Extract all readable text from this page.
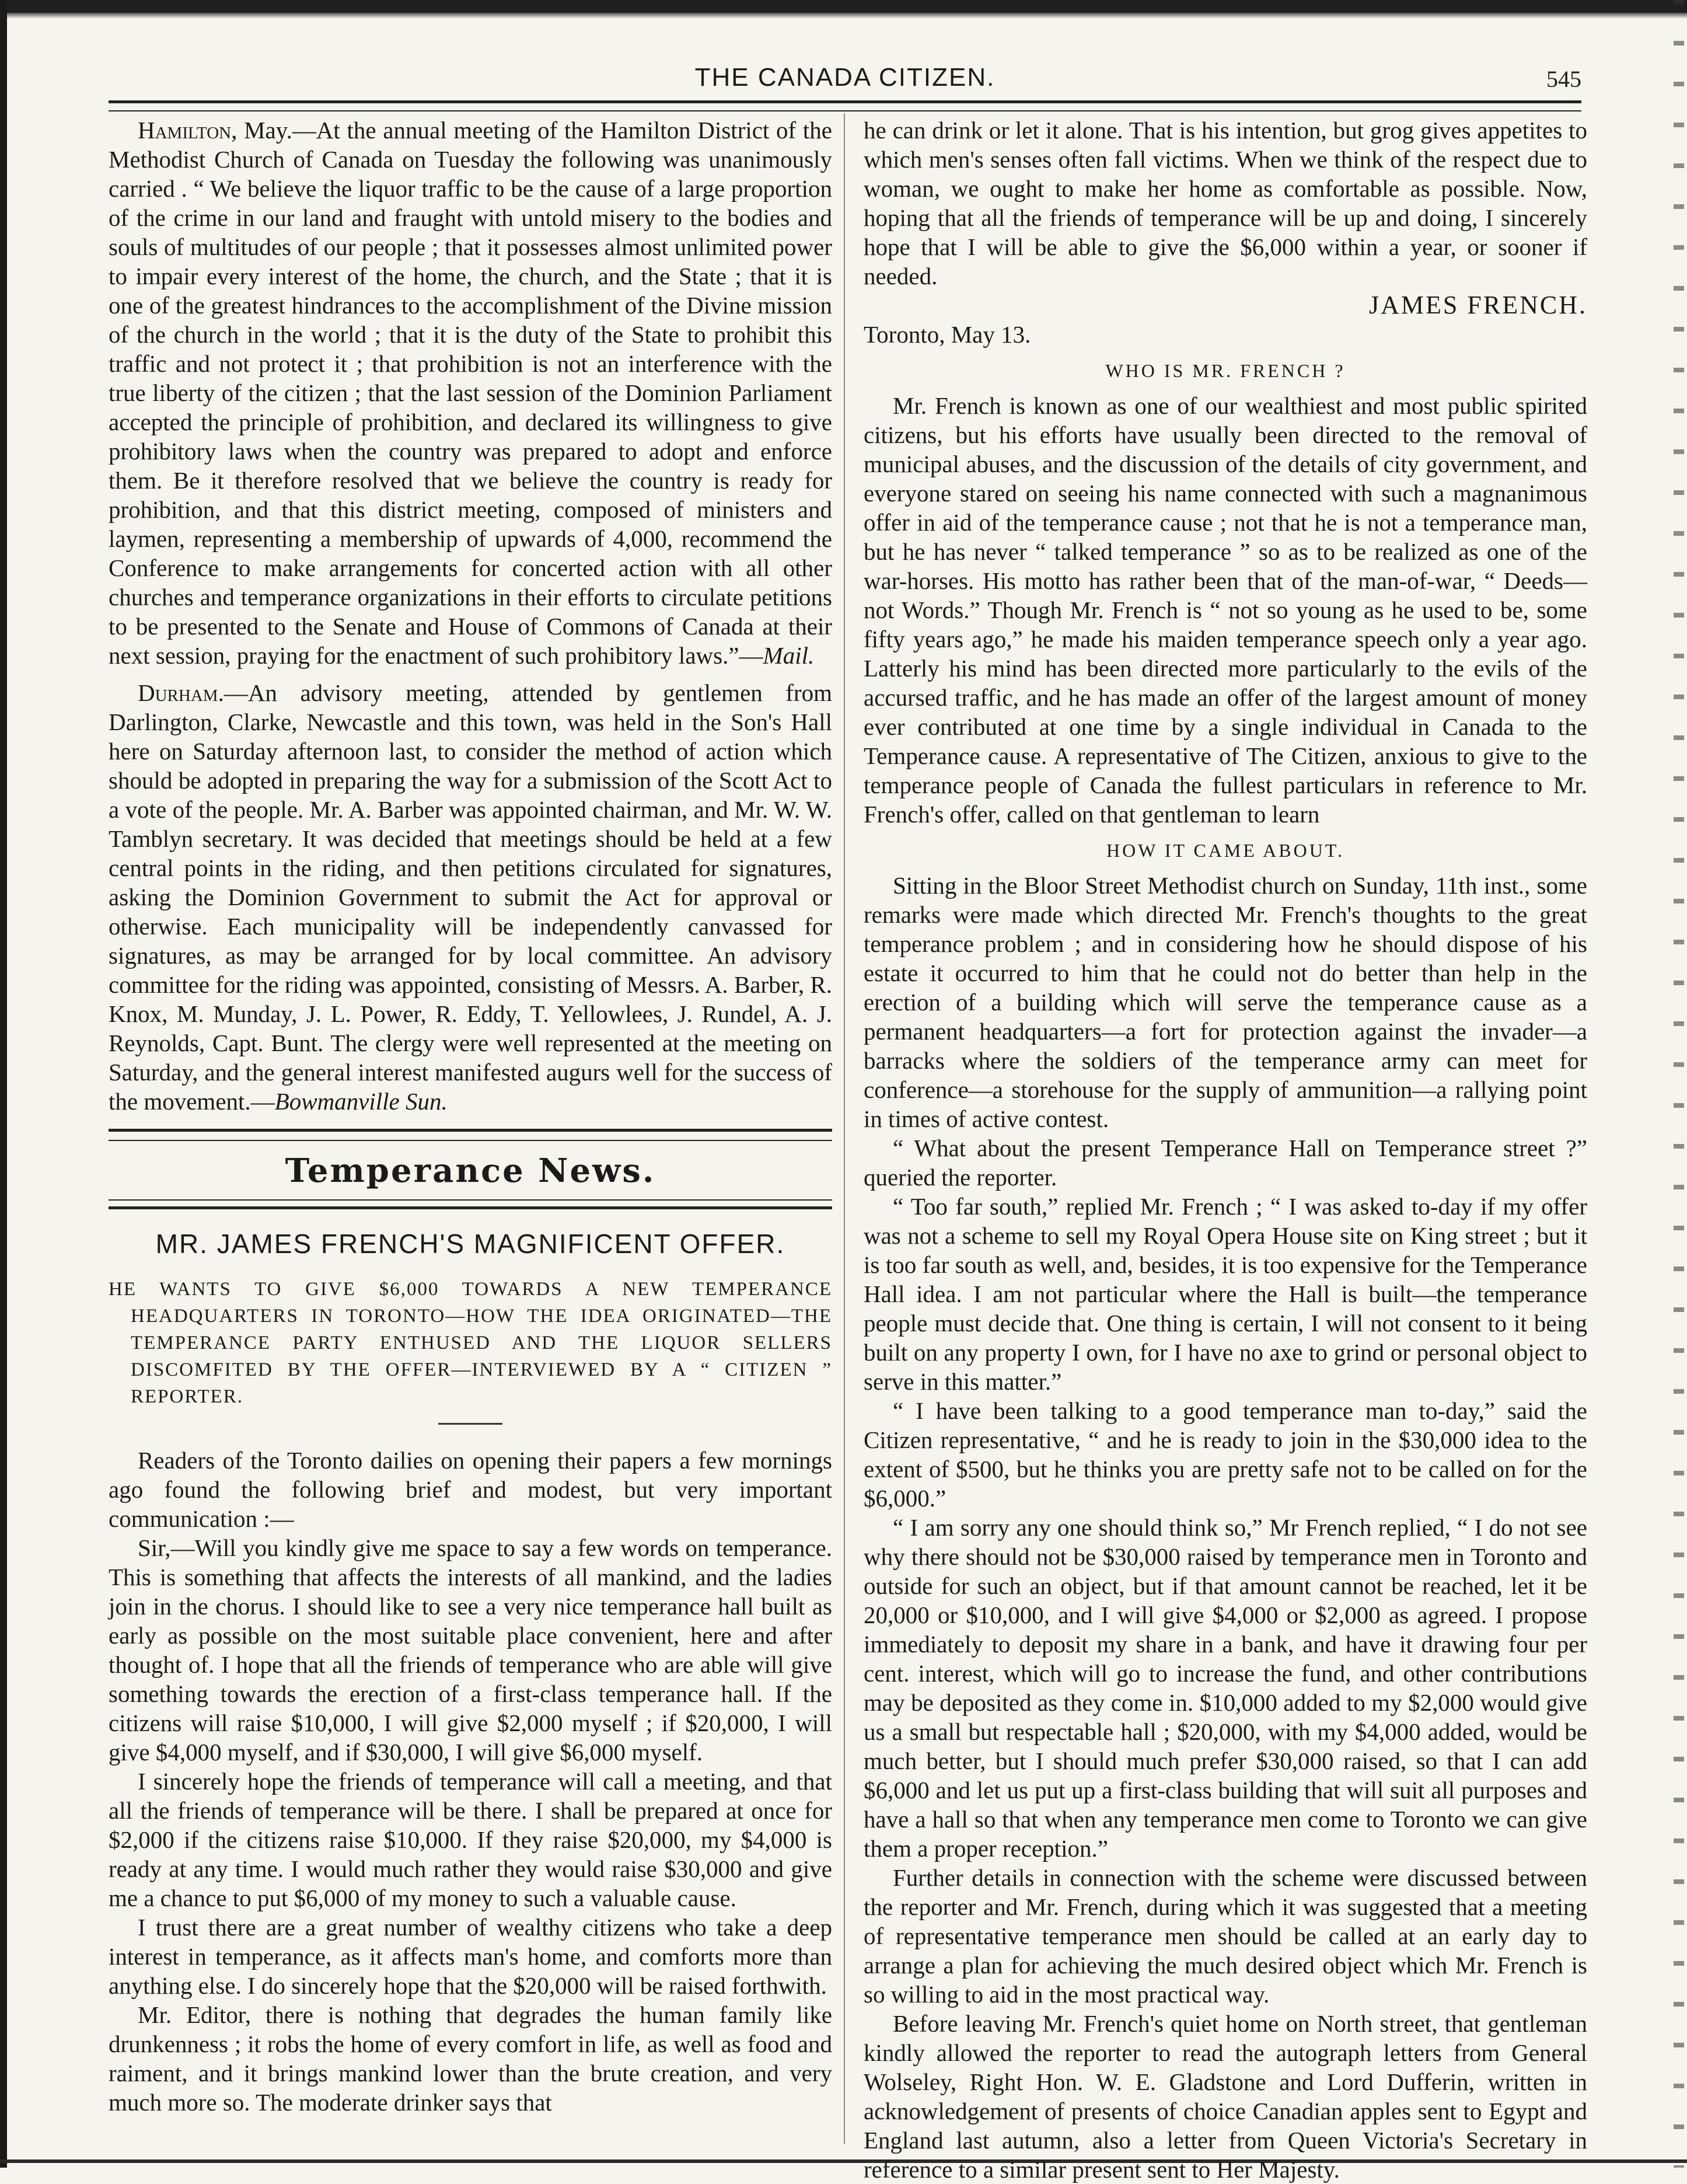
THE CANADA CITIZEN.	545

Hamilton, May.—At the annual meeting of the Hamilton District of the Methodist Church of Canada on Tuesday the following was unanimously carried . “ We believe the liquor traffic to be the cause of a large proportion of the crime in our land and fraught with untold misery to the bodies and souls of multitudes of our people ; that it possesses almost unlimited power to impair every interest of the home, the church, and the State ; that it is one of the greatest hindrances to the accomplishment of the Divine mission of the church in the world ; that it is the duty of the State to prohibit this traffic and not protect it ; that prohibition is not an interference with the true liberty of the citizen ; that the last session of the Dominion Parliament accepted the principle of prohibition, and declared its willingness to give prohibitory laws when the country was prepared to adopt and enforce them. Be it therefore resolved that we believe the country is ready for prohibition, and that this district meeting, composed of ministers and laymen, representing a membership of upwards of 4,000, recommend the Conference to make arrangements for concerted action with all other churches and temperance organizations in their efforts to circulate petitions to be presented to the Senate and House of Commons of Canada at their next session, praying for the enactment of such prohibitory laws.”—Mail.

Durham.—An advisory meeting, attended by gentlemen from Darlington, Clarke, Newcastle and this town, was held in the Son's Hall here on Saturday afternoon last, to consider the method of action which should be adopted in preparing the way for a submission of the Scott Act to a vote of the people. Mr. A. Barber was appointed chairman, and Mr. W. W. Tamblyn secretary. It was decided that meetings should be held at a few central points in the riding, and then petitions circulated for signatures, asking the Dominion Government to submit the Act for approval or otherwise. Each municipality will be independently canvassed for signatures, as may be arranged for by local committee. An advisory committee for the riding was appointed, consisting of Messrs. A. Barber, R. Knox, M. Munday, J. L. Power, R. Eddy, T. Yellowlees, J. Rundel, A. J. Reynolds, Capt. Bunt. The clergy were well represented at the meeting on Saturday, and the general interest manifested augurs well for the success of the movement.—Bowmanville Sun.

Temperance News.
MR. JAMES FRENCH'S MAGNIFICENT OFFER.
HE WANTS TO GIVE $6,000 TOWARDS A NEW TEMPERANCE HEADQUARTERS IN TORONTO—HOW THE IDEA ORIGINATED—THE TEMPERANCE PARTY ENTHUSED AND THE LIQUOR SELLERS DISCOMFITED BY THE OFFER—INTERVIEWED BY A “ CITIZEN ” REPORTER.

Readers of the Toronto dailies on opening their papers a few mornings ago found the following brief and modest, but very important communication :—

Sir,—Will you kindly give me space to say a few words on temperance. This is something that affects the interests of all mankind, and the ladies join in the chorus. I should like to see a very nice temperance hall built as early as possible on the most suitable place convenient, here and after thought of. I hope that all the friends of temperance who are able will give something towards the erection of a first-class temperance hall. If the citizens will raise $10,000, I will give $2,000 myself ; if $20,000, I will give $4,000 myself, and if $30,000, I will give $6,000 myself.

I sincerely hope the friends of temperance will call a meeting, and that all the friends of temperance will be there. I shall be prepared at once for $2,000 if the citizens raise $10,000. If they raise $20,000, my $4,000 is ready at any time. I would much rather they would raise $30,000 and give me a chance to put $6,000 of my money to such a valuable cause.

I trust there are a great number of wealthy citizens who take a deep interest in temperance, as it affects man's home, and comforts more than anything else. I do sincerely hope that the $20,000 will be raised forthwith.

Mr. Editor, there is nothing that degrades the human family like drunkenness ; it robs the home of every comfort in life, as well as food and raiment, and it brings mankind lower than the brute creation, and very much more so. The moderate drinker says that

he can drink or let it alone. That is his intention, but grog gives appetites to which men's senses often fall victims. When we think of the respect due to woman, we ought to make her home as comfortable as possible. Now, hoping that all the friends of temperance will be up and doing, I sincerely hope that I will be able to give the $6,000 within a year, or sooner if needed.

JAMES FRENCH.

Toronto, May 13.

WHO IS MR. FRENCH ?

Mr. French is known as one of our wealthiest and most public spirited citizens, but his efforts have usually been directed to the removal of municipal abuses, and the discussion of the details of city government, and everyone stared on seeing his name connected with such a magnanimous offer in aid of the temperance cause ; not that he is not a temperance man, but he has never “ talked temperance ” so as to be realized as one of the war-horses. His motto has rather been that of the man-of-war, “ Deeds—not Words.” Though Mr. French is “ not so young as he used to be, some fifty years ago,” he made his maiden temperance speech only a year ago. Latterly his mind has been directed more particularly to the evils of the accursed traffic, and he has made an offer of the largest amount of money ever contributed at one time by a single individual in Canada to the Temperance cause. A representative of The Citizen, anxious to give to the temperance people of Canada the fullest particulars in reference to Mr. French's offer, called on that gentleman to learn

HOW IT CAME ABOUT.

Sitting in the Bloor Street Methodist church on Sunday, 11th inst., some remarks were made which directed Mr. French's thoughts to the great temperance problem ; and in considering how he should dispose of his estate it occurred to him that he could not do better than help in the erection of a building which will serve the temperance cause as a permanent headquarters—a fort for protection against the invader—a barracks where the soldiers of the temperance army can meet for conference—a storehouse for the supply of ammunition—a rallying point in times of active contest.

“ What about the present Temperance Hall on Temperance street ?” queried the reporter.

“ Too far south,” replied Mr. French ; “ I was asked to-day if my offer was not a scheme to sell my Royal Opera House site on King street ; but it is too far south as well, and, besides, it is too expensive for the Temperance Hall idea. I am not particular where the Hall is built—the temperance people must decide that. One thing is certain, I will not consent to it being built on any property I own, for I have no axe to grind or personal object to serve in this matter.”

“ I have been talking to a good temperance man to-day,” said the Citizen representative, “ and he is ready to join in the $30,000 idea to the extent of $500, but he thinks you are pretty safe not to be called on for the $6,000.”

“ I am sorry any one should think so,” Mr French replied, “ I do not see why there should not be $30,000 raised by temperance men in Toronto and outside for such an object, but if that amount cannot be reached, let it be 20,000 or $10,000, and I will give $4,000 or $2,000 as agreed. I propose immediately to deposit my share in a bank, and have it drawing four per cent. interest, which will go to increase the fund, and other contributions may be deposited as they come in. $10,000 added to my $2,000 would give us a small but respectable hall ; $20,000, with my $4,000 added, would be much better, but I should much prefer $30,000 raised, so that I can add $6,000 and let us put up a first-class building that will suit all purposes and have a hall so that when any temperance men come to Toronto we can give them a proper reception.”

Further details in connection with the scheme were discussed between the reporter and Mr. French, during which it was suggested that a meeting of representative temperance men should be called at an early day to arrange a plan for achieving the much desired object which Mr. French is so willing to aid in the most practical way.

Before leaving Mr. French's quiet home on North street, that gentleman kindly allowed the reporter to read the autograph letters from General Wolseley, Right Hon. W. E. Gladstone and Lord Dufferin, written in acknowledgement of presents of choice Canadian apples sent to Egypt and England last autumn, also a letter from Queen Victoria's Secretary in reference to a similar present sent to Her Majesty.
